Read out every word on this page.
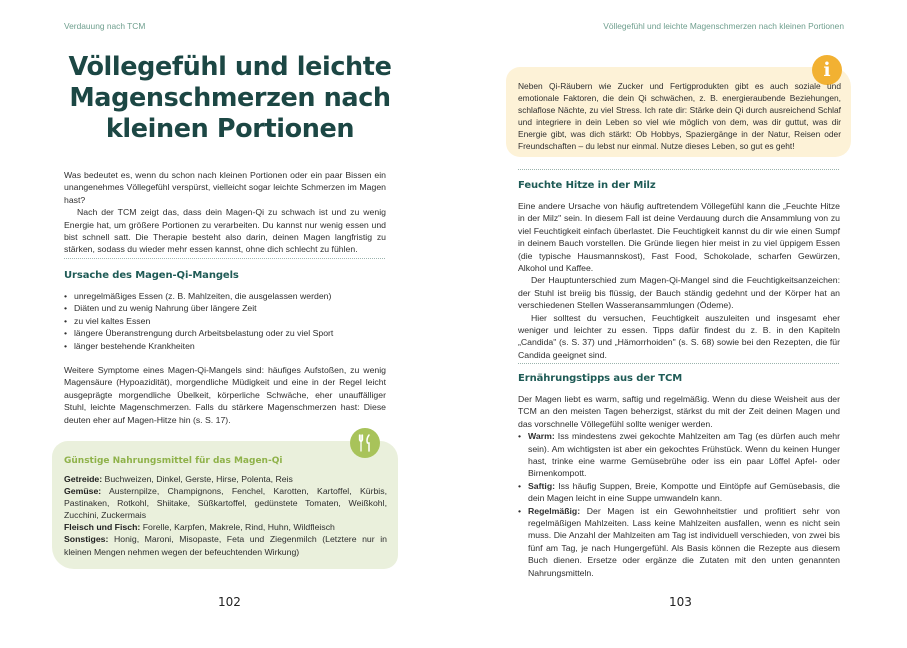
Verdauung nach TCM
Völlegefühl und leichte Magenschmerzen nach kleinen Portionen

Was bedeutet es, wenn du schon nach kleinen Portionen oder ein paar Bissen ein unangenehmes Völlegefühl verspürst, vielleicht sogar leichte Schmerzen im Magen hast?

Nach der TCM zeigt das, dass dein Magen-Qi zu schwach ist und zu wenig Energie hat, um größere Portionen zu verarbeiten. Du kannst nur wenig essen und bist schnell satt. Die Therapie besteht also darin, deinen Magen langfristig zu stärken, sodass du wieder mehr essen kannst, ohne dich schlecht zu fühlen.

Ursache des Magen-Qi-Mangels
• unregelmäßiges Essen (z. B. Mahlzeiten, die ausgelassen werden)
• Diäten und zu wenig Nahrung über längere Zeit
• zu viel kaltes Essen
• längere Überanstrengung durch Arbeitsbelastung oder zu viel Sport
• länger bestehende Krankheiten

Weitere Symptome eines Magen-Qi-Mangels sind: häufiges Aufstoßen, zu wenig Magensäure (Hypoazidität), morgendliche Müdigkeit und eine in der Regel leicht ausgeprägte morgendliche Übelkeit, körperliche Schwäche, eher unauffälliger Stuhl, leichte Magenschmerzen. Falls du stärkere Magenschmerzen hast: Diese deuten eher auf Magen-Hitze hin (s. S. 17).

Günstige Nahrungsmittel für das Magen-Qi
Getreide: Buchweizen, Dinkel, Gerste, Hirse, Polenta, Reis
Gemüse: Austernpilze, Champignons, Fenchel, Karotten, Kartoffel, Kürbis, Pastinaken, Rotkohl, Shiitake, Süßkartoffel, gedünstete Tomaten, Weißkohl, Zucchini, Zuckermais
Fleisch und Fisch: Forelle, Karpfen, Makrele, Rind, Huhn, Wildfleisch
Sonstiges: Honig, Maroni, Misopaste, Feta und Ziegenmilch (Letztere nur in kleinen Mengen nehmen wegen der befeuchtenden Wirkung)
102
Völlegefühl und leichte Magenschmerzen nach kleinen Portionen
i
Neben Qi-Räubern wie Zucker und Fertigprodukten gibt es auch soziale und emotionale Faktoren, die dein Qi schwächen, z. B. energieraubende Beziehungen, schlaflose Nächte, zu viel Stress. Ich rate dir: Stärke dein Qi durch ausreichend Schlaf und integriere in dein Leben so viel wie möglich von dem, was dir guttut, was dir Energie gibt, was dich stärkt: Ob Hobbys, Spaziergänge in der Natur, Reisen oder Freundschaften – du lebst nur einmal. Nutze dieses Leben, so gut es geht!
Feuchte Hitze in der Milz

Eine andere Ursache von häufig auftretendem Völlegefühl kann die „Feuchte Hitze in der Milz" sein. In diesem Fall ist deine Verdauung durch die Ansammlung von zu viel Feuchtigkeit einfach überlastet. Die Feuchtigkeit kannst du dir wie einen Sumpf in deinem Bauch vorstellen. Die Gründe liegen hier meist in zu viel üppigem Essen (die typische Hausmannskost), Fast Food, Schokolade, scharfen Gewürzen, Alkohol und Kaffee.

Der Hauptunterschied zum Magen-Qi-Mangel sind die Feuchtigkeitsanzeichen: der Stuhl ist breiig bis flüssig, der Bauch ständig gedehnt und der Körper hat an verschiedenen Stellen Wasseransammlungen (Ödeme).

Hier solltest du versuchen, Feuchtigkeit auszuleiten und insgesamt eher weniger und leichter zu essen. Tipps dafür findest du z. B. in den Kapiteln „Candida" (s. S. 37) und „Hämorrhoiden" (s. S. 68) sowie bei den Rezepten, die für Candida geeignet sind.

Ernährungstipps aus der TCM

Der Magen liebt es warm, saftig und regelmäßig. Wenn du diese Weisheit aus der TCM an den meisten Tagen beherzigst, stärkst du mit der Zeit deinen Magen und das vorschnelle Völlegefühl sollte weniger werden.

• Warm: Iss mindestens zwei gekochte Mahlzeiten am Tag (es dürfen auch mehr sein). Am wichtigsten ist aber ein gekochtes Frühstück. Wenn du keinen Hunger hast, trinke eine warme Gemüsebrühe oder iss ein paar Löffel Apfel- oder Birnenkompott.
• Saftig: Iss häufig Suppen, Breie, Kompotte und Eintöpfe auf Gemüsebasis, die dein Magen leicht in eine Suppe umwandeln kann.
• Regelmäßig: Der Magen ist ein Gewohnheitstier und profitiert sehr von regelmäßigen Mahlzeiten. Lass keine Mahlzeiten ausfallen, wenn es nicht sein muss. Die Anzahl der Mahlzeiten am Tag ist individuell verschieden, von zwei bis fünf am Tag, je nach Hungergefühl. Als Basis können die Rezepte aus diesem Buch dienen. Ersetze oder ergänze die Zutaten mit den unten genannten Nahrungsmitteln.
103
